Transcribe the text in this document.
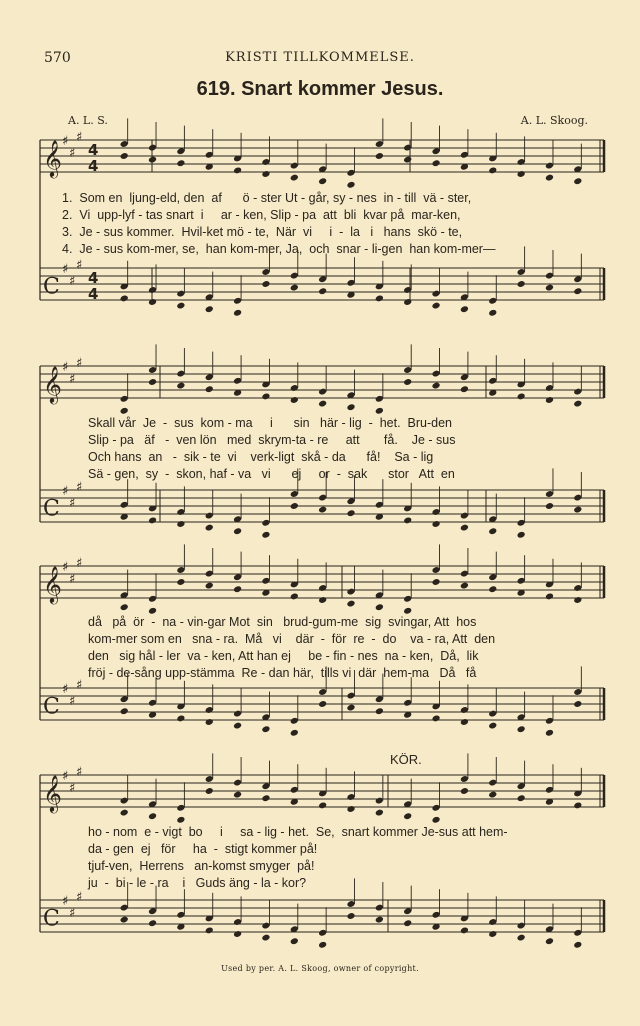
570	KRISTI TILLKOMMELSE.
619. Snart kommer Jesus.
A. L. S.	A. L. Skoog.
KÖR.
𝄞 ♯
♯
♯
4
4
C
♯
♯
♯
4
4
𝄞 ♯
♯
♯
C
♯
♯
♯
𝄞 ♯
♯
♯
C
♯
♯
♯
𝄞 ♯
♯
♯
C
♯
♯
♯
1.  Som en  ljung-eld, den  af      ö - ster Ut - går, sy - nes  in - till  vä - ster,
2.  Vi  upp-lyf - tas snart  i     ar - ken, Slip - pa  att  bli  kvar på  mar-ken,
3.  Je - sus kommer.  Hvil-ket mö - te,  När  vi     i  -  la   i   hans  skö - te,
4.  Je - sus kom-mer, se,  han kom-mer, Ja,  och  snar - li-gen  han kom-mer—
Skall vår  Je  -  sus  kom - ma     i      sin   här - lig  -  het.  Bru-den
Slip - pa   äf   -  ven lön   med  skrym-ta - re     att       få.    Je - sus
Och hans  an   -  sik - te  vi    verk-ligt  skå - da      få!    Sa - lig
Sä - gen,  sy  -  skon, haf - va   vi      ej     or  -  sak      stor   Att  en
då   på  ör  -  na - vin-gar Mot  sin   brud-gum-me  sig  svingar, Att  hos
kom-mer som en   sna - ra.  Må   vi    där  -  för  re  -  do    va - ra, Att  den
den   sig hål - ler  va - ken, Att han ej     be - fin - nes  na - ken,  Då,  lik
fröj - de-sång upp-stämma  Re - dan här,  tills vi  där  hem-ma   Då   få
ho - nom  e - vigt  bo     i     sa - lig - het.  Se,  snart kommer Je-sus att hem-
da - gen  ej   för     ha  -  stigt kommer på!
tjuf-ven,  Herrens   an-komst smyger  på!
ju  -  bi - le - ra    i   Guds äng - la - kor?
Used by per. A. L. Skoog, owner of copyright.
